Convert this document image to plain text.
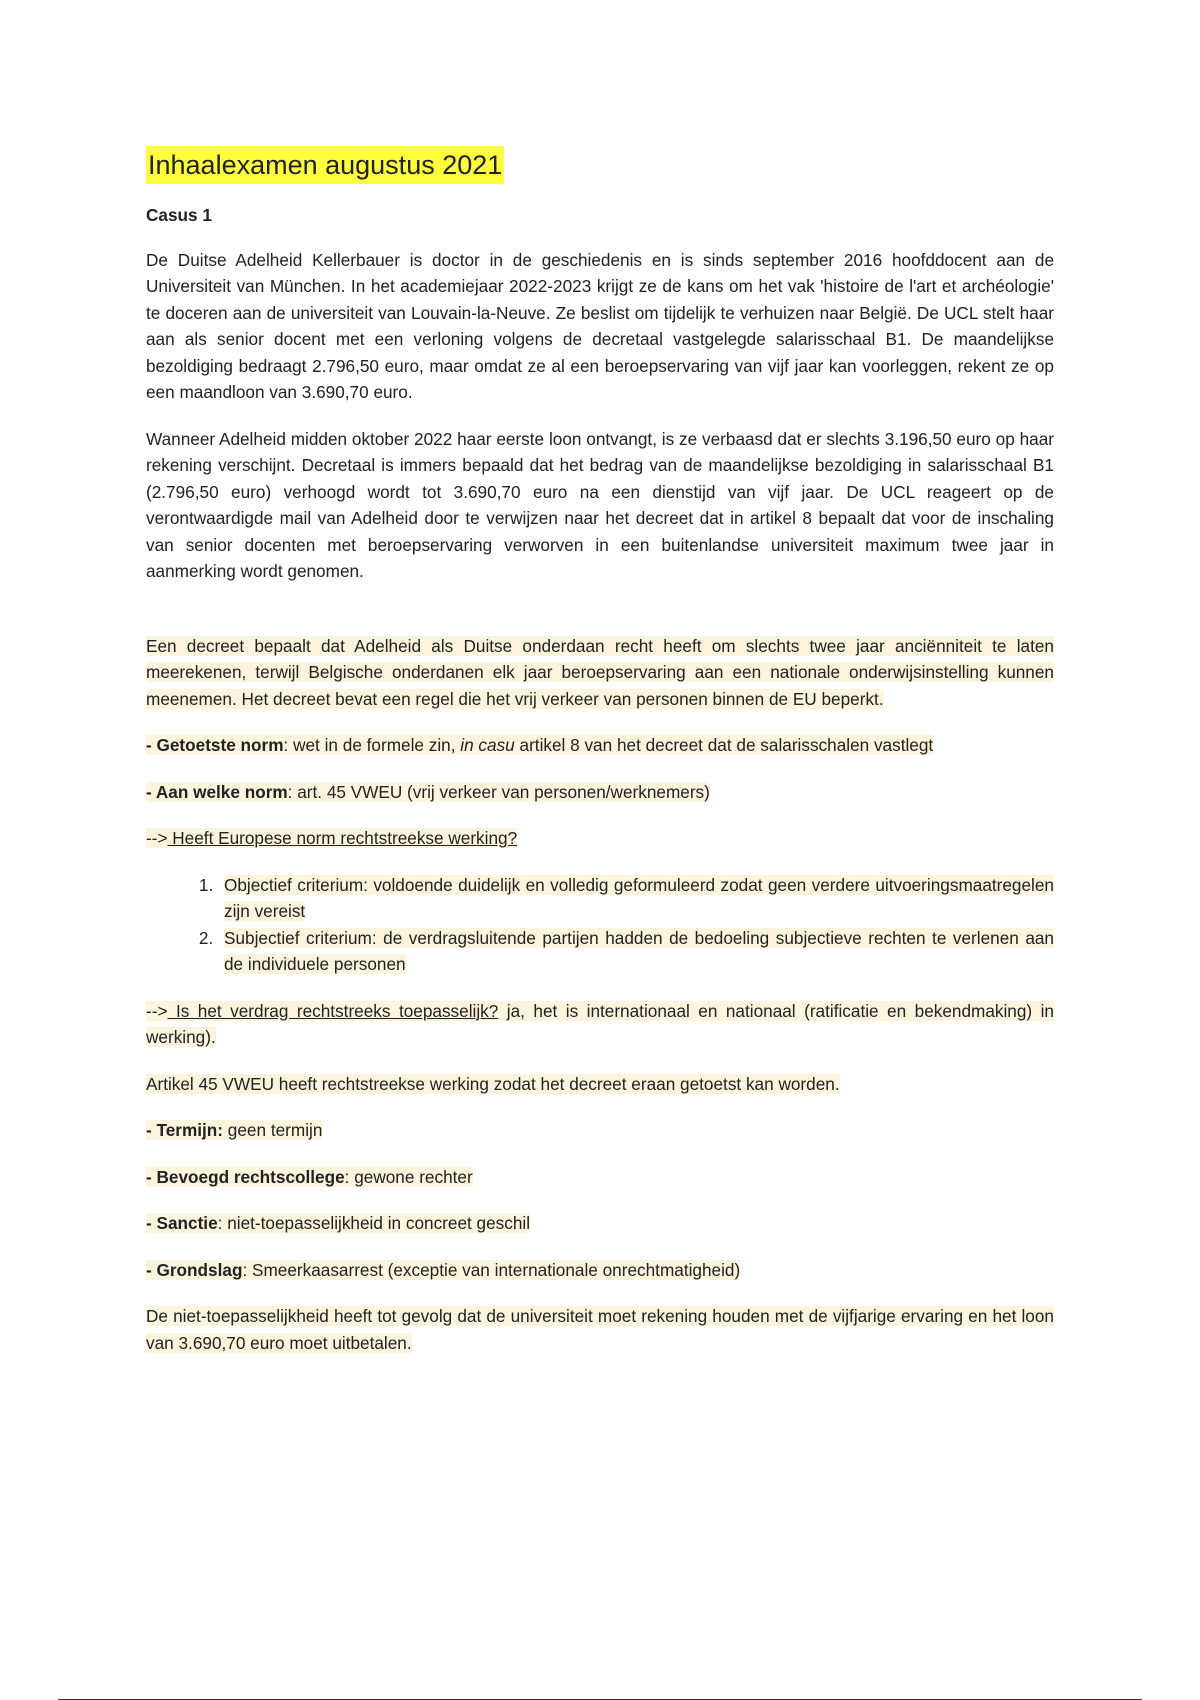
Inhaalexamen augustus 2021
Casus 1

De Duitse Adelheid Kellerbauer is doctor in de geschiedenis en is sinds september 2016 hoofddocent aan de Universiteit van München. In het academiejaar 2022-2023 krijgt ze de kans om het vak 'histoire de l'art et archéologie' te doceren aan de universiteit van Louvain-la-Neuve. Ze beslist om tijdelijk te verhuizen naar België. De UCL stelt haar aan als senior docent met een verloning volgens de decretaal vastgelegde salarisschaal B1. De maandelijkse bezoldiging bedraagt 2.796,50 euro, maar omdat ze al een beroepservaring van vijf jaar kan voorleggen, rekent ze op een maandloon van 3.690,70 euro.

Wanneer Adelheid midden oktober 2022 haar eerste loon ontvangt, is ze verbaasd dat er slechts 3.196,50 euro op haar rekening verschijnt. Decretaal is immers bepaald dat het bedrag van de maandelijkse bezoldiging in salarisschaal B1 (2.796,50 euro) verhoogd wordt tot 3.690,70 euro na een dienstijd van vijf jaar. De UCL reageert op de verontwaardigde mail van Adelheid door te verwijzen naar het decreet dat in artikel 8 bepaalt dat voor de inschaling van senior docenten met beroepservaring verworven in een buitenlandse universiteit maximum twee jaar in aanmerking wordt genomen.

Een decreet bepaalt dat Adelheid als Duitse onderdaan recht heeft om slechts twee jaar anciënniteit te laten meerekenen, terwijl Belgische onderdanen elk jaar beroepservaring aan een nationale onderwijsinstelling kunnen meenemen. Het decreet bevat een regel die het vrij verkeer van personen binnen de EU beperkt.

- Getoetste norm: wet in de formele zin, in casu artikel 8 van het decreet dat de salarisschalen vastlegt

- Aan welke norm: art. 45 VWEU (vrij verkeer van personen/werknemers)

--> Heeft Europese norm rechtstreekse werking?

1. Objectief criterium: voldoende duidelijk en volledig geformuleerd zodat geen verdere uitvoeringsmaatregelen zijn vereist
2. Subjectief criterium: de verdragsluitende partijen hadden de bedoeling subjectieve rechten te verlenen aan de individuele personen

--> Is het verdrag rechtstreeks toepasselijk? ja, het is internationaal en nationaal (ratificatie en bekendmaking) in werking).

Artikel 45 VWEU heeft rechtstreekse werking zodat het decreet eraan getoetst kan worden.

- Termijn: geen termijn

- Bevoegd rechtscollege: gewone rechter

- Sanctie: niet-toepasselijkheid in concreet geschil

- Grondslag: Smeerkaasarrest (exceptie van internationale onrechtmatigheid)

De niet-toepasselijkheid heeft tot gevolg dat de universiteit moet rekening houden met de vijfjarige ervaring en het loon van 3.690,70 euro moet uitbetalen.
